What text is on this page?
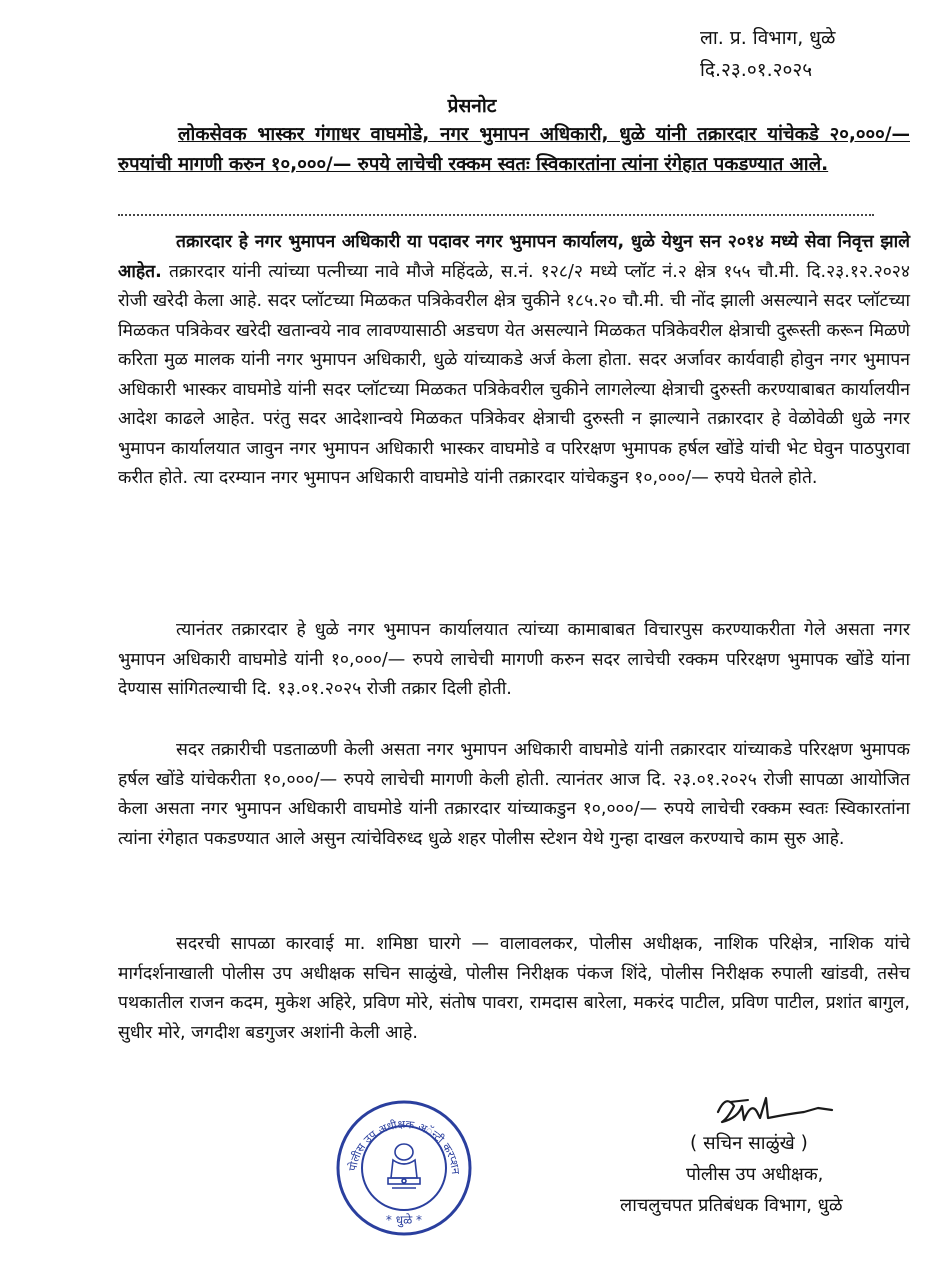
ला. प्र. विभाग, धुळे
दि.२३.०१.२०२५
प्रेसनोट
लोकसेवक भास्कर गंगाधर वाघमोडे, नगर भुमापन अधिकारी, धुळे यांनी तक्रारदार यांचेकडे २०,०००/— रुपयांची मागणी करुन १०,०००/— रुपये लाचेची रक्कम स्वतः स्विकारतांना त्यांना रंगेहात पकडण्यात आले.

तक्रारदार हे नगर भुमापन अधिकारी या पदावर नगर भुमापन कार्यालय, धुळे येथुन सन २०१४ मध्ये सेवा निवृत्त झाले आहेत. तक्रारदार यांनी त्यांच्या पत्नीच्या नावे मौजे महिंदळे, स.नं. १२८/२ मध्ये प्लॉट नं.२ क्षेत्र १५५ चौ.मी. दि.२३.१२.२०२४ रोजी खरेदी केला आहे. सदर प्लॉटच्या मिळकत पत्रिकेवरील क्षेत्र चुकीने १८५.२० चौ.मी. ची नोंद झाली असल्याने सदर प्लॉटच्या मिळकत पत्रिकेवर खरेदी खतान्वये नाव लावण्यासाठी अडचण येत असल्याने मिळकत पत्रिकेवरील क्षेत्राची दुरूस्ती करून मिळणे करिता मुळ मालक यांनी नगर भुमापन अधिकारी, धुळे यांच्याकडे अर्ज केला होता. सदर अर्जावर कार्यवाही होवुन नगर भुमापन अधिकारी भास्कर वाघमोडे यांनी सदर प्लॉटच्या मिळकत पत्रिकेवरील चुकीने लागलेल्या क्षेत्राची दुरुस्ती करण्याबाबत कार्यालयीन आदेश काढले आहेत. परंतु सदर आदेशान्वये मिळकत पत्रिकेवर क्षेत्राची दुरुस्ती न झाल्याने तक्रारदार हे वेळोवेळी धुळे नगर भुमापन कार्यालयात जावुन नगर भुमापन अधिकारी भास्कर वाघमोडे व परिरक्षण भुमापक हर्षल खोंडे यांची भेट घेवुन पाठपुरावा करीत होते. त्या दरम्यान नगर भुमापन अधिकारी वाघमोडे यांनी तक्रारदार यांचेकडुन १०,०००/— रुपये घेतले होते.

त्यानंतर तक्रारदार हे धुळे नगर भुमापन कार्यालयात त्यांच्या कामाबाबत विचारपुस करण्याकरीता गेले असता नगर भुमापन अधिकारी वाघमोडे यांनी १०,०००/— रुपये लाचेची मागणी करुन सदर लाचेची रक्कम परिरक्षण भुमापक खोंडे यांना देण्यास सांगितल्याची दि. १३.०१.२०२५ रोजी तक्रार दिली होती.

सदर तक्रारीची पडताळणी केली असता नगर भुमापन अधिकारी वाघमोडे यांनी तक्रारदार यांच्याकडे परिरक्षण भुमापक हर्षल खोंडे यांचेकरीता १०,०००/— रुपये लाचेची मागणी केली होती. त्यानंतर आज दि. २३.०१.२०२५ रोजी सापळा आयोजित केला असता नगर भुमापन अधिकारी वाघमोडे यांनी तक्रारदार यांच्याकडुन १०,०००/— रुपये लाचेची रक्कम स्वतः स्विकारतांना त्यांना रंगेहात पकडण्यात आले असुन त्यांचेविरुध्द धुळे शहर पोलीस स्टेशन येथे गुन्हा दाखल करण्याचे काम सुरु आहे.

सदरची सापळा कारवाई मा. शमिष्ठा घारगे — वालावलकर, पोलीस अधीक्षक, नाशिक परिक्षेत्र, नाशिक यांचे मार्गदर्शनाखाली पोलीस उप अधीक्षक सचिन साळुंखे, पोलीस निरीक्षक पंकज शिंदे, पोलीस निरीक्षक रुपाली खांडवी, तसेच पथकातील राजन कदम, मुकेश अहिरे, प्रविण मोरे, संतोष पावरा, रामदास बारेला, मकरंद पाटील, प्रविण पाटील, प्रशांत बागुल, सुधीर मोरे, जगदीश बडगुजर अशांनी केली आहे.

पोलीस उप अधीक्षक अॅन्टी करप्शन
* धुळे *
( सचिन साळुंखे )
पोलीस उप अधीक्षक,
लाचलुचपत प्रतिबंधक विभाग, धुळे
